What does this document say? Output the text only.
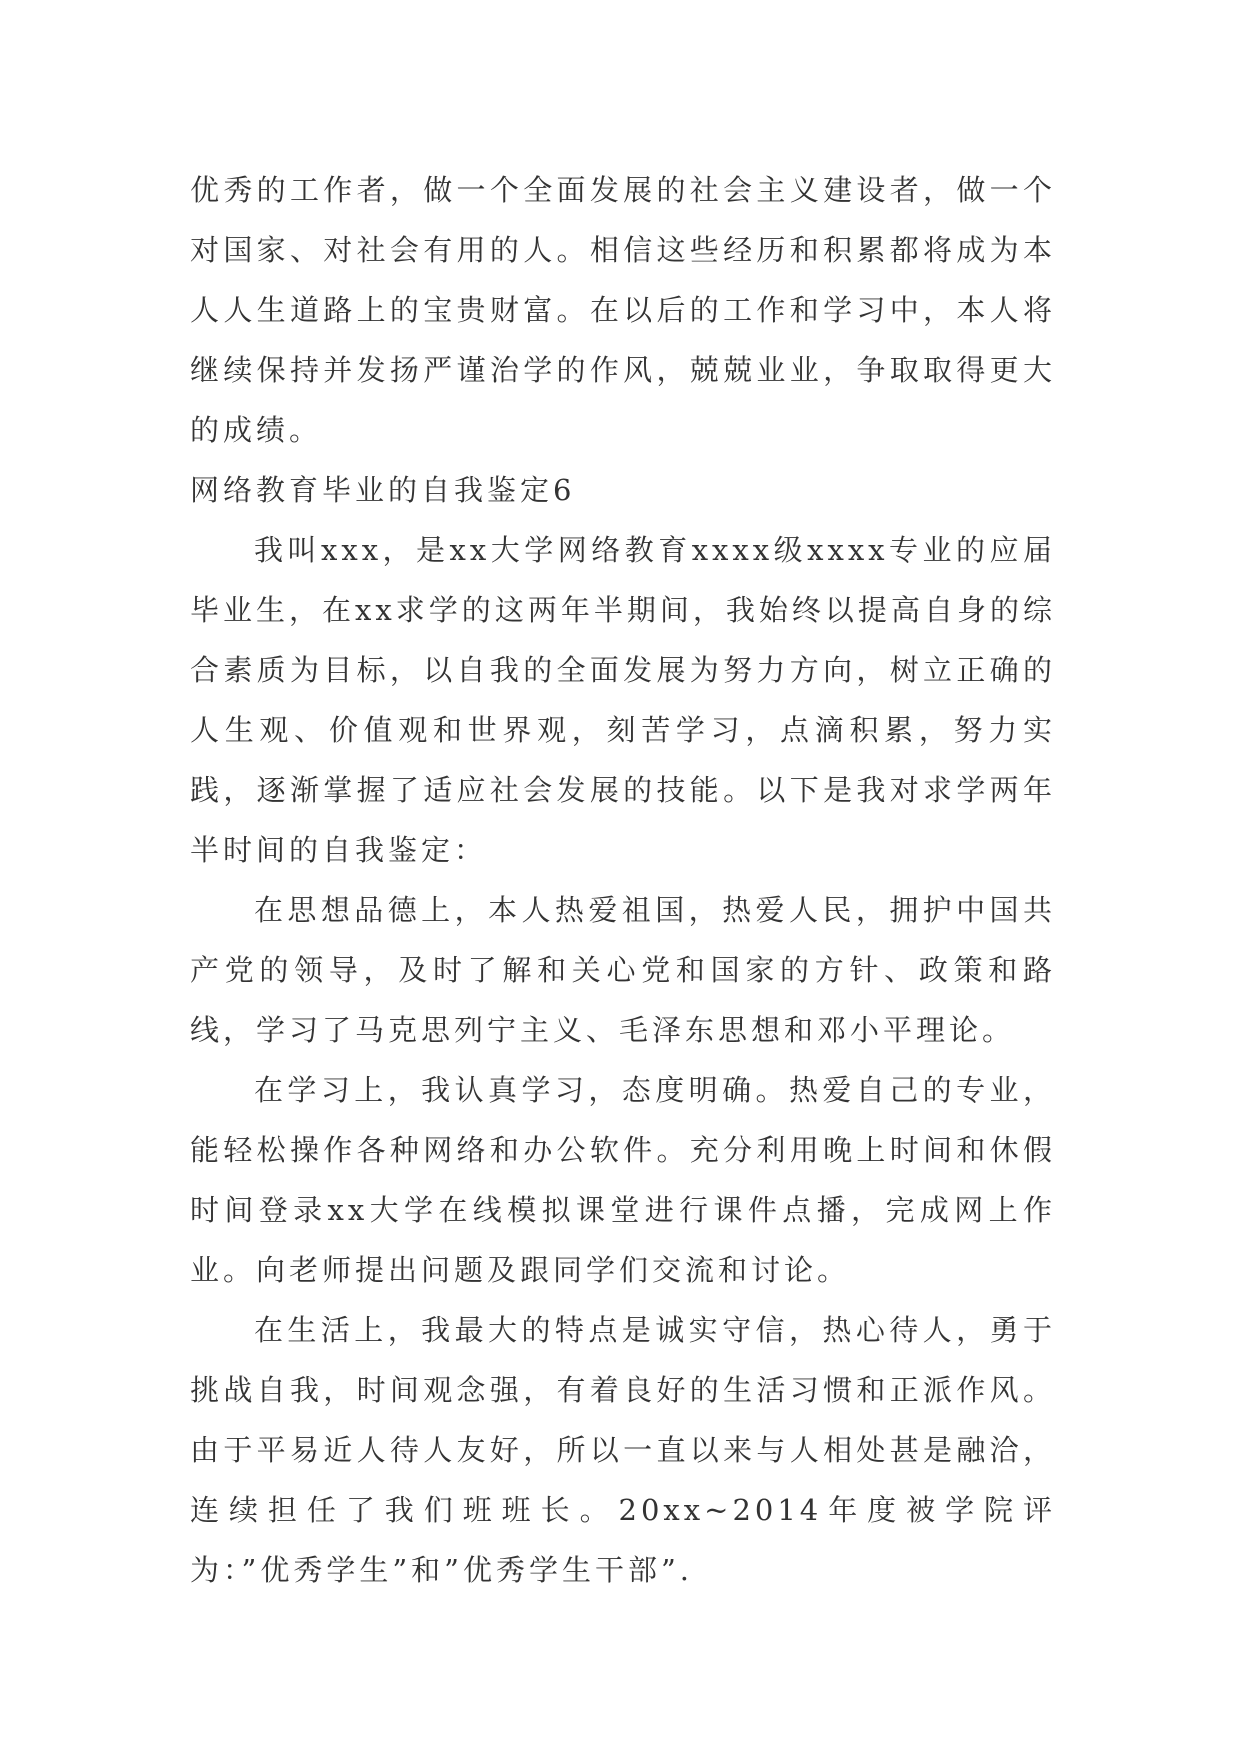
优秀的工作者，做一个全面发展的社会主义建设者，做一个对国家、对社会有用的人。相信这些经历和积累都将成为本人人生道路上的宝贵财富。在以后的工作和学习中，本人将继续保持并发扬严谨治学的作风，兢兢业业，争取取得更大的成绩。

网络教育毕业的自我鉴定6

我叫xxx，是xx大学网络教育xxxx级xxxx专业的应届毕业生，在xx求学的这两年半期间，我始终以提高自身的综合素质为目标，以自我的全面发展为努力方向，树立正确的人生观、价值观和世界观，刻苦学习，点滴积累，努力实践，逐渐掌握了适应社会发展的技能。以下是我对求学两年半时间的自我鉴定：

在思想品德上，本人热爱祖国，热爱人民，拥护中国共产党的领导，及时了解和关心党和国家的方针、政策和路线，学习了马克思列宁主义、毛泽东思想和邓小平理论。

在学习上，我认真学习，态度明确。热爱自己的专业，能轻松操作各种网络和办公软件。充分利用晚上时间和休假时间登录xx大学在线模拟课堂进行课件点播，完成网上作业。向老师提出问题及跟同学们交流和讨论。

在生活上，我最大的特点是诚实守信，热心待人，勇于挑战自我，时间观念强，有着良好的生活习惯和正派作风。由于平易近人待人友好，所以一直以来与人相处甚是融洽，连续担任了我们班班长。20xx~2014年度被学院评为：”优秀学生”和”优秀学生干部”.
